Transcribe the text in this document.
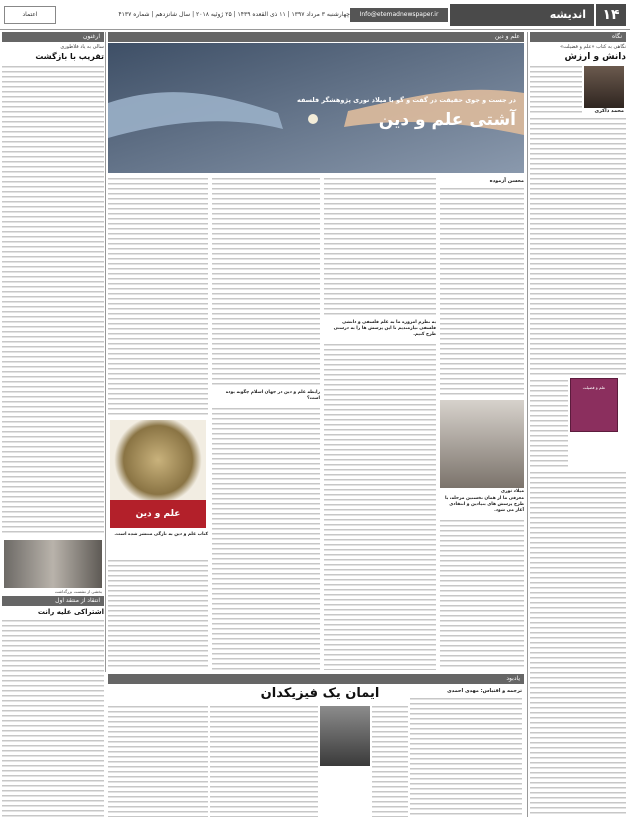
۱۴
اندیشه
Info@etemadnewspaper.ir
چهارشنبه ۳ مرداد ۱۳۹۷ | ۱۱ ذی القعده ۱۴۳۹ | ۲۵ ژوئیه ۲۰۱۸ | سال شانزدهم | شماره ۴۱۳۷
اعتماد
نگاه
نگاهی به کتاب «علم و فضیلت»
دانش و ارزش
محمد ذاکری
علم و فضیلت
علم و دین
در جست و جوی حقیقت در گفت و گو با میلاد نوری پژوهشگر فلسفه
آشتی علم و دین
محسن آزموده
میلاد نوری
معرفی ما از همان نخستین مرحله، با طرح پرسش های بنیادین و انتقادی آغاز می شود.
به نظرم امروزه ما به علم فلسفی و دانشی فلسفی نیازمندیم تا این پرسش ها را به درستی طرح کنیم.
رابطه علم و دین در جهان اسلام چگونه بوده است؟
علم و دین
کتاب علم و دین به تازگی منتشر شده است.
ارغنون
سالی به یاد فلاطوری
تقریب با بازگشت
بخشی از نشست بزرگداشت
انتقاد از منتقد اول
اشتراکی علیه رانت
یادبود
ترجمه و اقتباس: مهدی احمدی
ایمان یک فیزیکدان
